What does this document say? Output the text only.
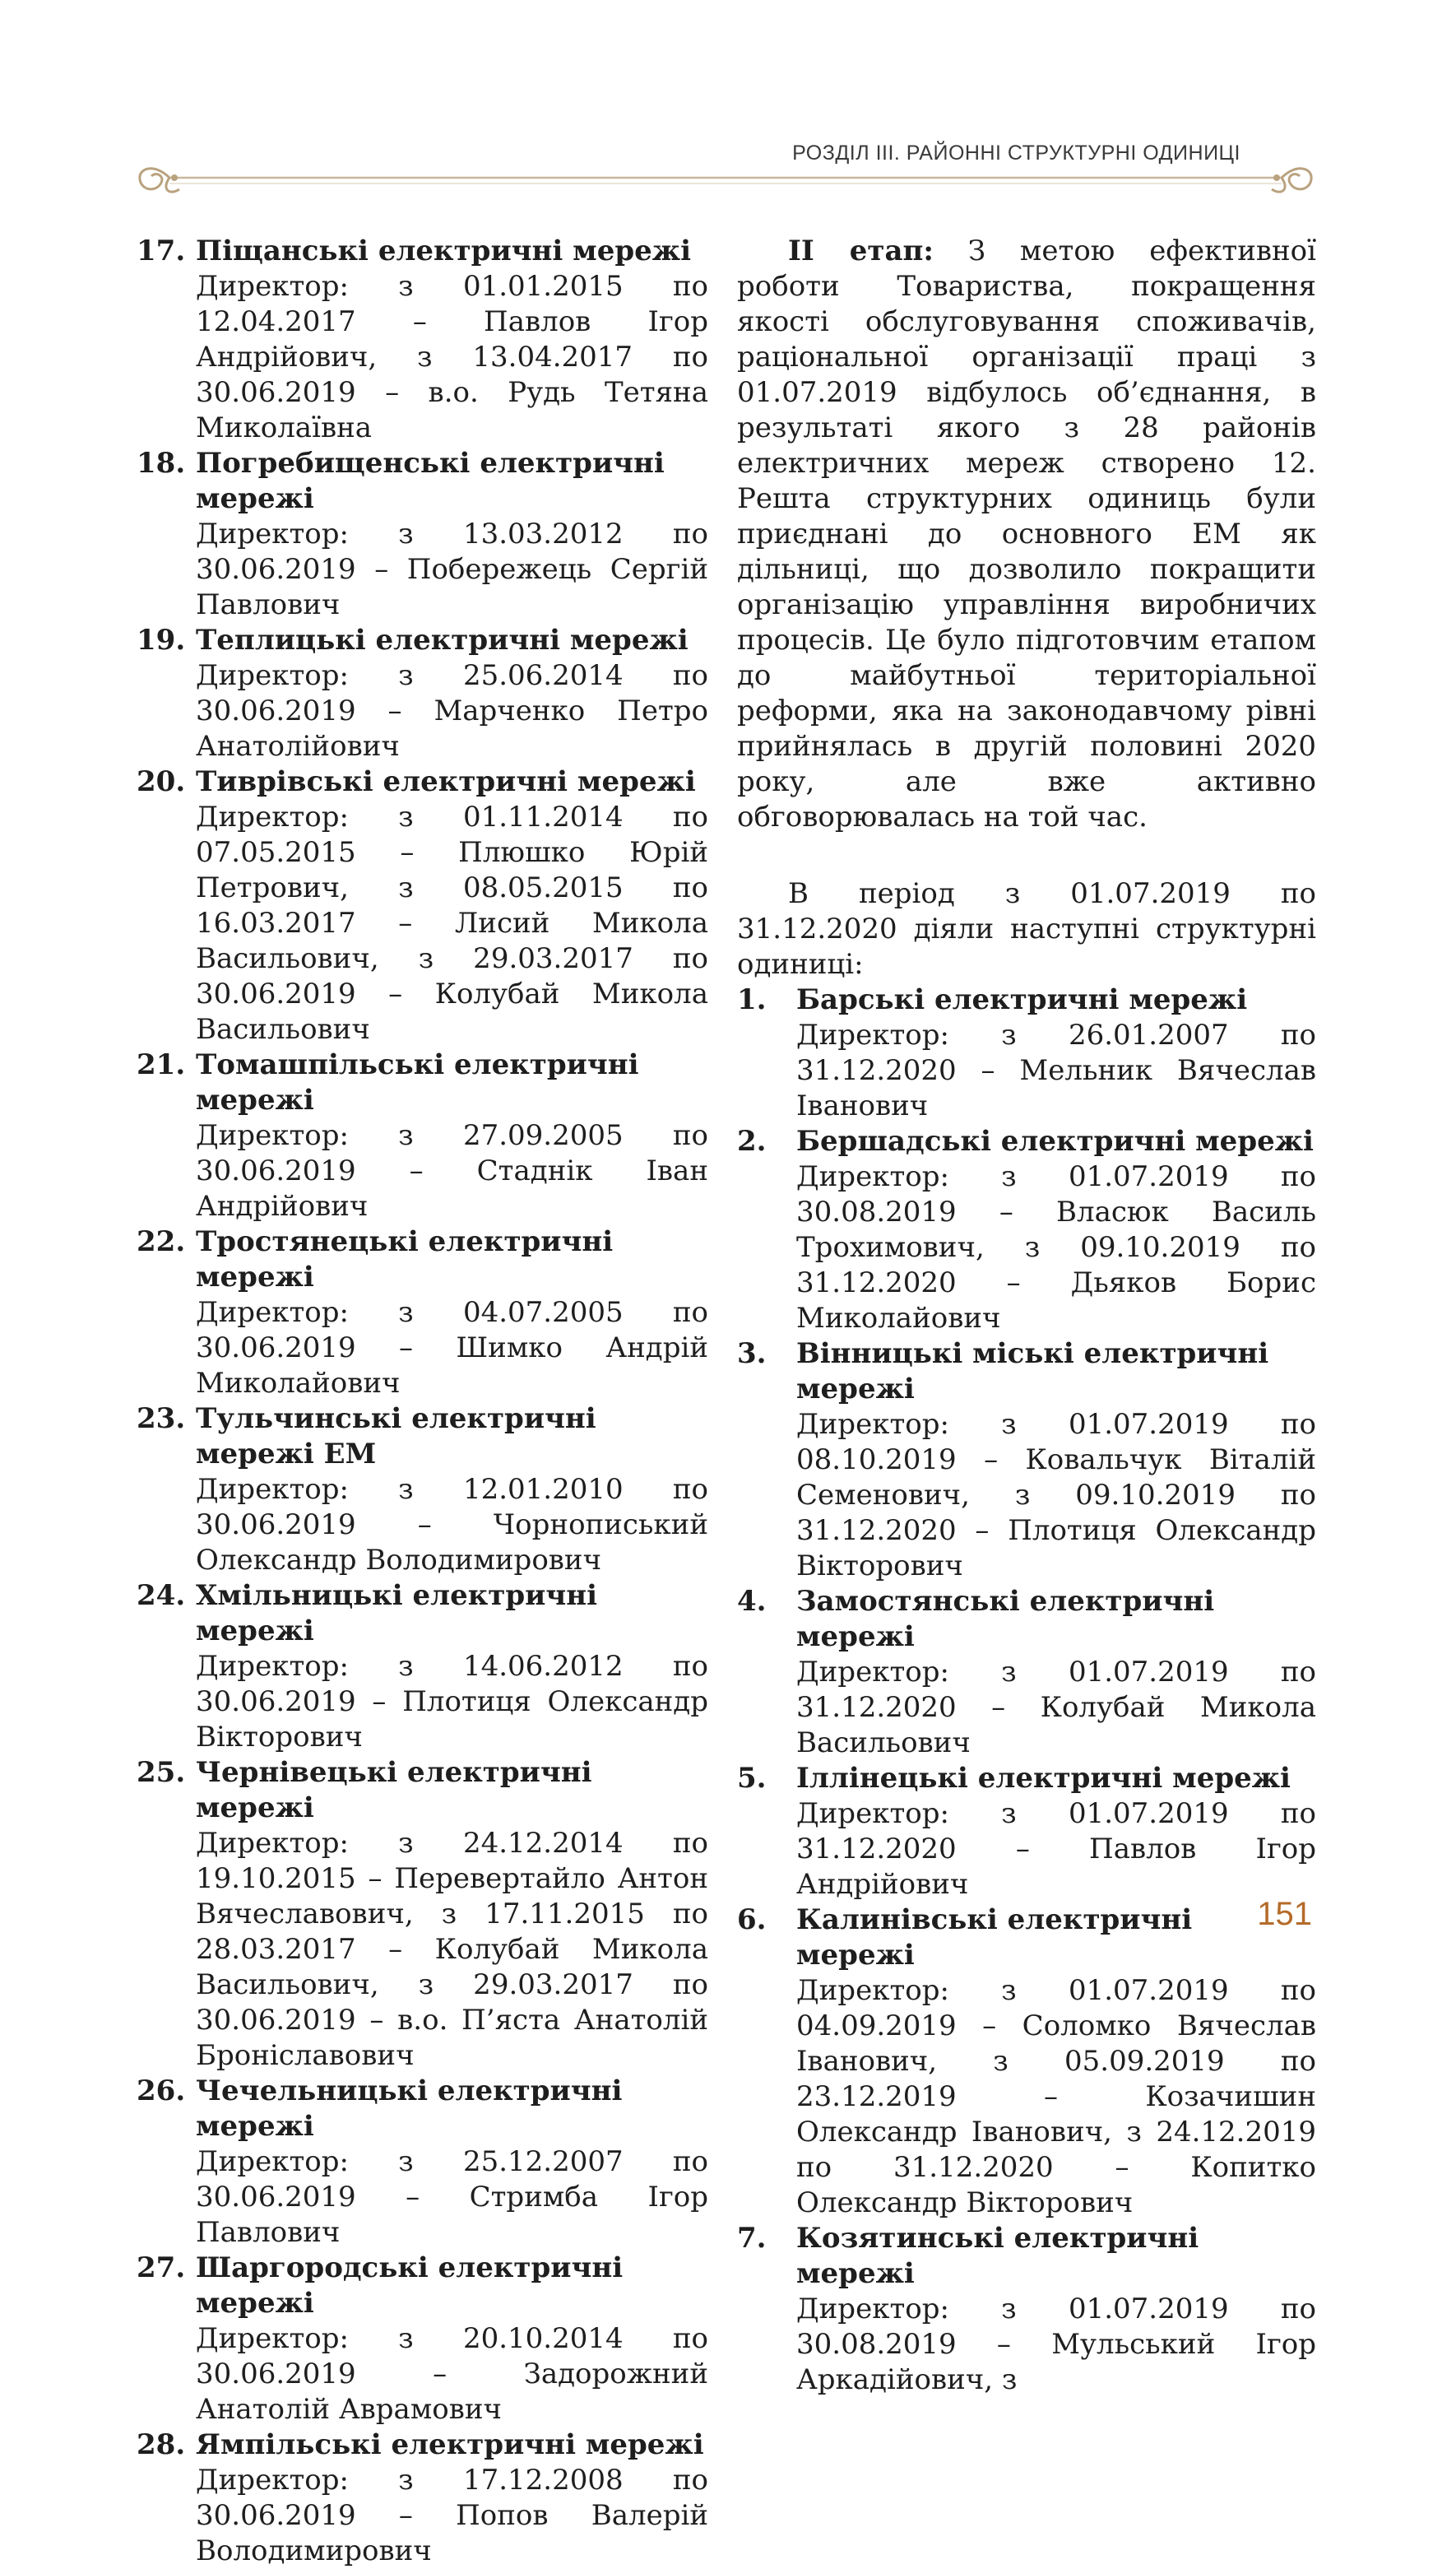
РОЗДІЛ ІІІ. РАЙОННІ СТРУКТУРНІ ОДИНИЦІ
17. Піщанські електричні мережі
Директор: з 01.01.2015 по 12.04.2017 – Павлов Ігор Андрійович, з 13.04.2017 по 30.06.2019 – в.о. Рудь Тетяна Миколаївна
18. Погребищенські електричні мережі
Директор: з 13.03.2012 по 30.06.2019 – Побережець Сергій Павлович
19. Теплицькі електричні мережі
Директор: з 25.06.2014 по 30.06.2019 – Марченко Петро Анатолійович
20. Тиврівські електричні мережі
Директор: з 01.11.2014 по 07.05.2015 – Плюшко Юрій Петрович, з 08.05.2015 по 16.03.2017 – Лисий Микола Васильович, з 29.03.2017 по 30.06.2019 – Колубай Микола Васильович
21. Томашпільські електричні мережі
Директор: з 27.09.2005 по 30.06.2019 – Стаднік Іван Андрійович
22. Тростянецькі електричні мережі
Директор: з 04.07.2005 по 30.06.2019 – Шимко Андрій Миколайович
23. Тульчинські електричні мережі ЕМ
Директор: з 12.01.2010 по 30.06.2019 – Чорнописький Олександр Володимирович
24. Хмільницькі електричні мережі
Директор: з 14.06.2012 по 30.06.2019 – Плотиця Олександр Вікторович
25. Чернівецькі електричні мережі
Директор: з 24.12.2014 по 19.10.2015 – Перевертайло Антон Вячеславович, з 17.11.2015 по 28.03.2017 – Колубай Микола Васильович, з 29.03.2017 по 30.06.2019 – в.о. П’яста Анатолій Броніславович
26. Чечельницькі електричні мережі
Директор: з 25.12.2007 по 30.06.2019 – Стримба Ігор Павлович
27. Шаргородські електричні мережі
Директор: з 20.10.2014 по 30.06.2019 – Задорожний Анатолій Аврамович
28. Ямпільські електричні мережі
Директор: з 17.12.2008 по 30.06.2019 – Попов Валерій Володимирович

ІІ етап: З метою ефективної роботи Товариства, покращення якості обслуговування споживачів, раціональної організації праці з 01.07.2019 відбулось об’єднання, в результаті якого з 28 районів електричних мереж створено 12. Решта структурних одиниць були приєднані до основного ЕМ як дільниці, що дозволило покращити організацію управління виробничих процесів. Це було підготовчим етапом до майбутньої територіальної реформи, яка на законодавчому рівні прийнялась в другій половині 2020 року, але вже активно обговорювалась на той час.

В період з 01.07.2019 по 31.12.2020 діяли наступні структурні одиниці:

1. Барські електричні мережі
Директор: з 26.01.2007 по 31.12.2020 – Мельник Вячеслав Іванович
2. Бершадські електричні мережі
Директор: з 01.07.2019 по 30.08.2019 – Власюк Василь Трохимович, з 09.10.2019 по 31.12.2020 – Дьяков Борис Миколайович
3. Вінницькі міські електричні мережі
Директор: з 01.07.2019 по 08.10.2019 – Ковальчук Віталій Семенович, з 09.10.2019 по 31.12.2020 – Плотиця Олександр Вікторович
4. Замостянські електричні мережі
Директор: з 01.07.2019 по 31.12.2020 – Колубай Микола Васильович
5. Іллінецькі електричні мережі
Директор: з 01.07.2019 по 31.12.2020 – Павлов Ігор Андрійович
6. Калинівські електричні мережі
Директор: з 01.07.2019 по 04.09.2019 – Соломко Вячеслав Іванович, з 05.09.2019 по 23.12.2019 – Козачишин Олександр Іванович, з 24.12.2019 по 31.12.2020 – Копитко Олександр Вікторович
7. Козятинські електричні мережі
Директор: з 01.07.2019 по 30.08.2019 – Мульський Ігор Аркадійович, з
151
